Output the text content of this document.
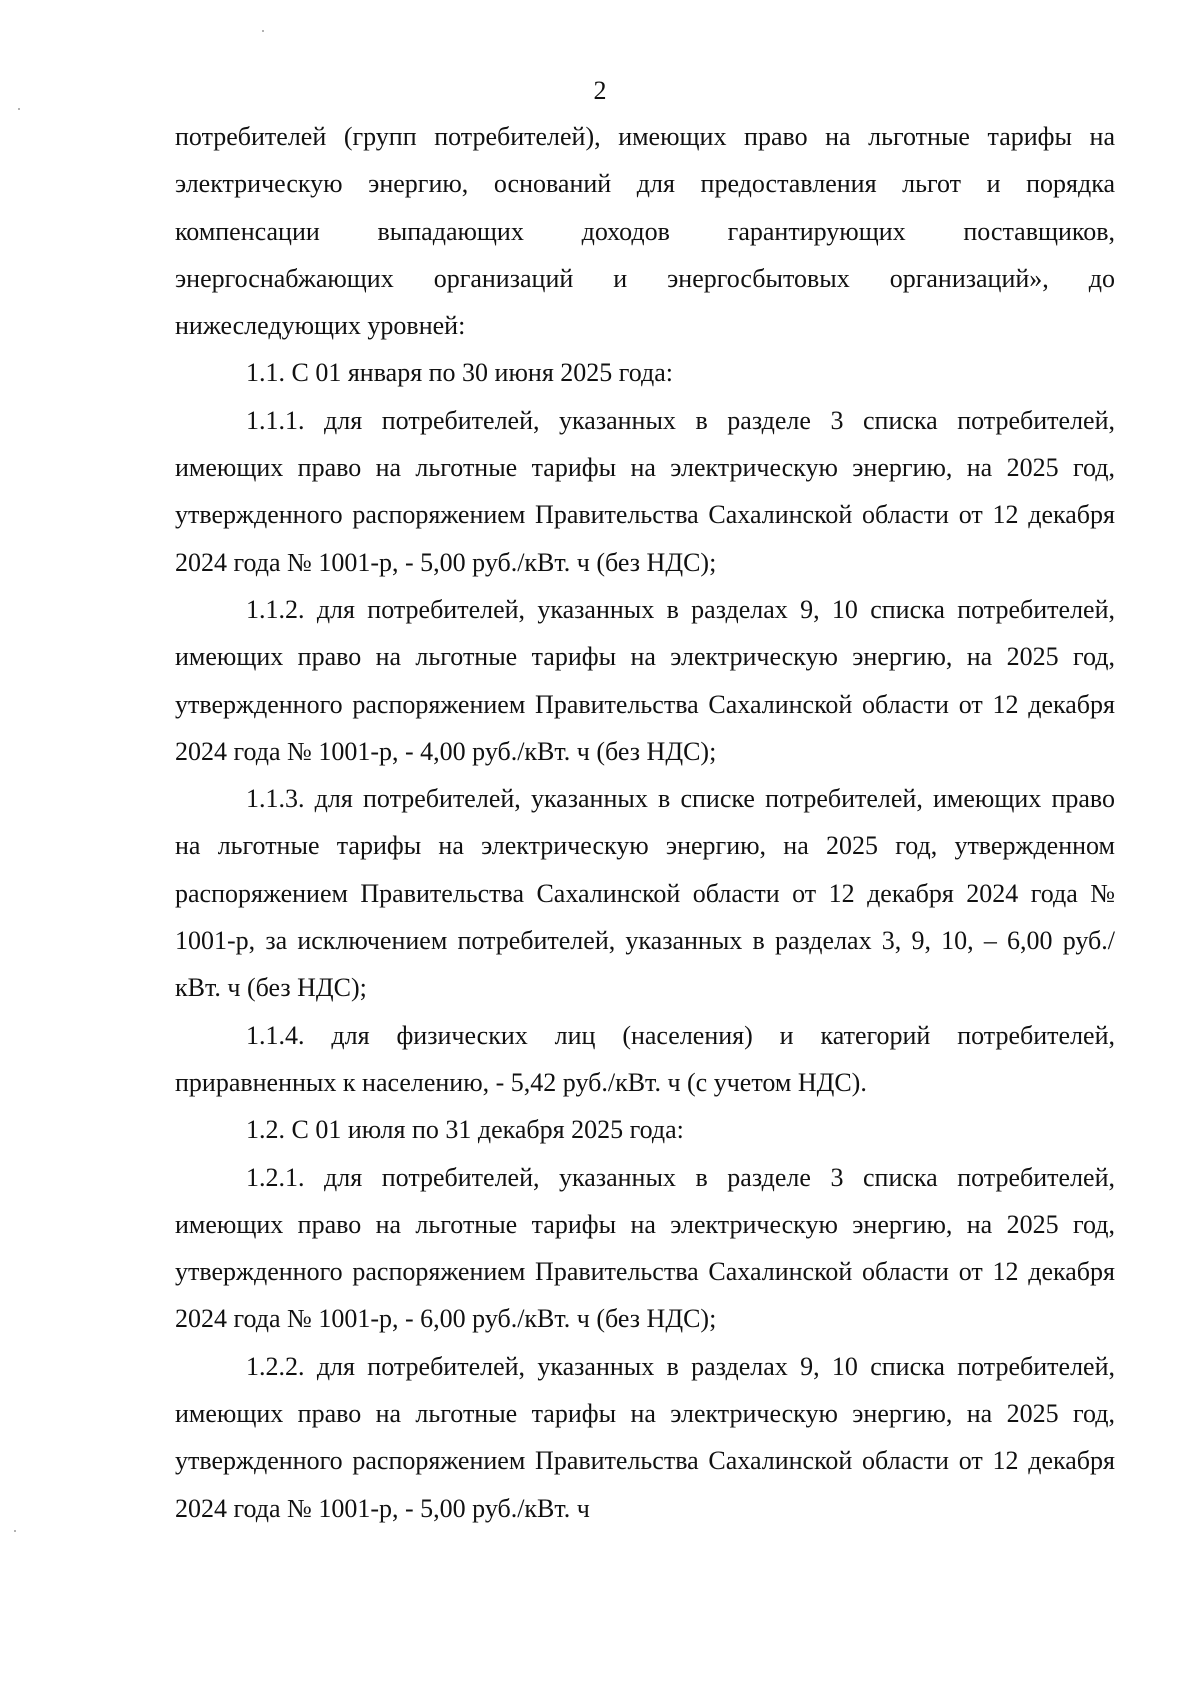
2

потребителей (групп потребителей), имеющих право на льготные тарифы на электрическую энергию, оснований для предоставления льгот и порядка компенсации выпадающих доходов гарантирующих поставщиков, энергоснабжающих организаций и энергосбытовых организаций», до нижеследующих уровней:

1.1. С 01 января по 30 июня 2025 года:

1.1.1. для потребителей, указанных в разделе 3 списка потребителей, имеющих право на льготные тарифы на электрическую энергию, на 2025 год, утвержденного распоряжением Правительства Сахалинской области от 12 декабря 2024 года № 1001-р, - 5,00 руб./кВт. ч (без НДС);

1.1.2. для потребителей, указанных в разделах 9, 10 списка потребителей, имеющих право на льготные тарифы на электрическую энергию, на 2025 год, утвержденного распоряжением Правительства Сахалинской области от 12 декабря 2024 года № 1001-р, - 4,00 руб./кВт. ч (без НДС);

1.1.3. для потребителей, указанных в списке потребителей, имеющих право на льготные тарифы на электрическую энергию, на 2025 год, утвержденном распоряжением Правительства Сахалинской области от 12 декабря 2024 года № 1001-р, за исключением потребителей, указанных в разделах 3, 9, 10, – 6,00 руб./кВт. ч (без НДС);

1.1.4. для физических лиц (населения) и категорий потребителей, приравненных к населению, - 5,42 руб./кВт. ч (с учетом НДС).

1.2. С 01 июля по 31 декабря 2025 года:

1.2.1. для потребителей, указанных в разделе 3 списка потребителей, имеющих право на льготные тарифы на электрическую энергию, на 2025 год, утвержденного распоряжением Правительства Сахалинской области от 12 декабря 2024 года № 1001-р, - 6,00 руб./кВт. ч (без НДС);

1.2.2. для потребителей, указанных в разделах 9, 10 списка потребителей, имеющих право на льготные тарифы на электрическую энергию, на 2025 год, утвержденного распоряжением Правительства Сахалинской области от 12 декабря 2024 года № 1001-р, - 5,00 руб./кВт. ч
